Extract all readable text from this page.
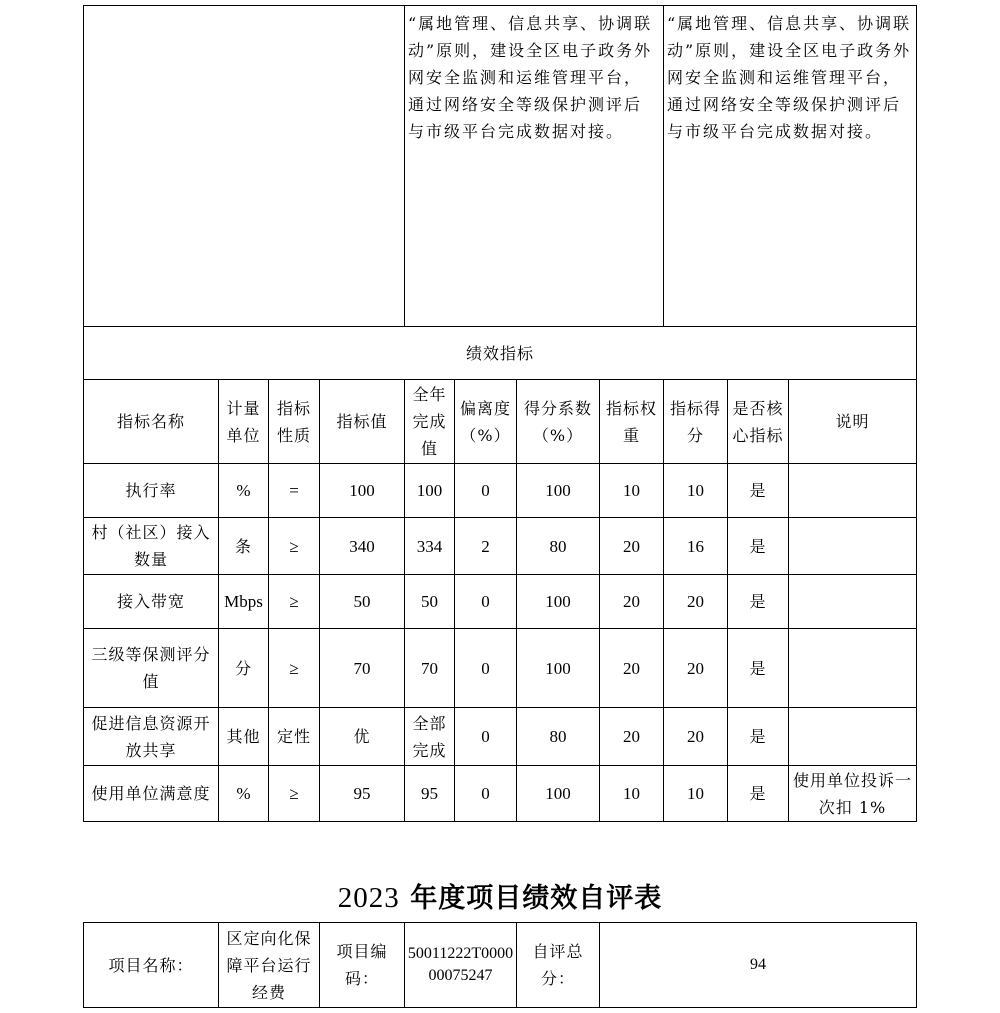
				“属地管理、信息共享、协调联动”原则，建设全区电子政务外网安全监测和运维管理平台，通过网络安全等级保护测评后与市级平台完成数据对接。				“属地管理、信息共享、协调联动”原则，建设全区电子政务外网安全监测和运维管理平台，通过网络安全等级保护测评后与市级平台完成数据对接。		
绩效指标										
指标名称	计量单位	指标性质	指标值	全年完成值	偏离度（%）	得分系数（%）	指标权重	指标得分	是否核心指标	说明
执行率	%	=	100	100	0	100	10	10	是	
村（社区）接入数量	条	≥	340	334	2	80	20	16	是	
接入带宽	Mbps	≥	50	50	0	100	20	20	是	
三级等保测评分值	分	≥	70	70	0	100	20	20	是	
促进信息资源开放共享	其他	定性	优	全部完成	0	80	20	20	是	
使用单位满意度	%	≥	95	95	0	100	10	10	是	使用单位投诉一次扣 1%
2023 年度项目绩效自评表
项目名称：	区定向化保障平台运行经费	项目编码：	50011222T000000075247	自评总分：	94
